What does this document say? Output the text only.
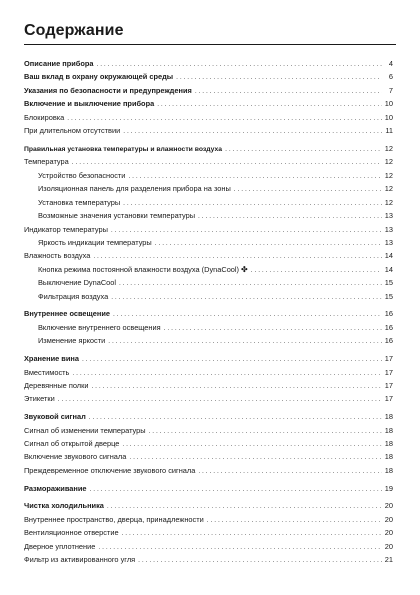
Содержание
Описание прибора .....	4
Ваш вклад в охрану окружающей среды .....	6
Указания по безопасности и предупреждения .....	7
Включение и выключение прибора .....	10
Блокировка .....	10
При длительном отсутствии .....	11
Правильная установка температуры и влажности воздуха .....	12
Температура .....	12
Устройство безопасности .....	12
Изоляционная панель для разделения прибора на зоны .....	12
Установка температуры .....	12
Возможные значения установки температуры .....	13
Индикатор температуры .....	13
Яркость индикации температуры .....	13
Влажность воздуха .....	14
Кнопка режима постоянной влажности воздуха (DynaCool) ✤ .....	14
Выключение DynaCool .....	15
Фильтрация воздуха .....	15
Внутреннее освещение .....	16
Включение внутреннего освещения .....	16
Изменение яркости .....	16
Хранение вина .....	17
Вместимость .....	17
Деревянные полки .....	17
Этикетки .....	17
Звуковой сигнал .....	18
Сигнал об изменении температуры .....	18
Сигнал об открытой дверце .....	18
Включение звукового сигнала .....	18
Преждевременное отключение звукового сигнала .....	18
Размораживание .....	19
Чистка холодильника .....	20
Внутреннее пространство, дверца, принадлежности .....	20
Вентиляционное отверстие .....	20
Дверное уплотнение .....	20
Фильтр из активированного угля .....	21
